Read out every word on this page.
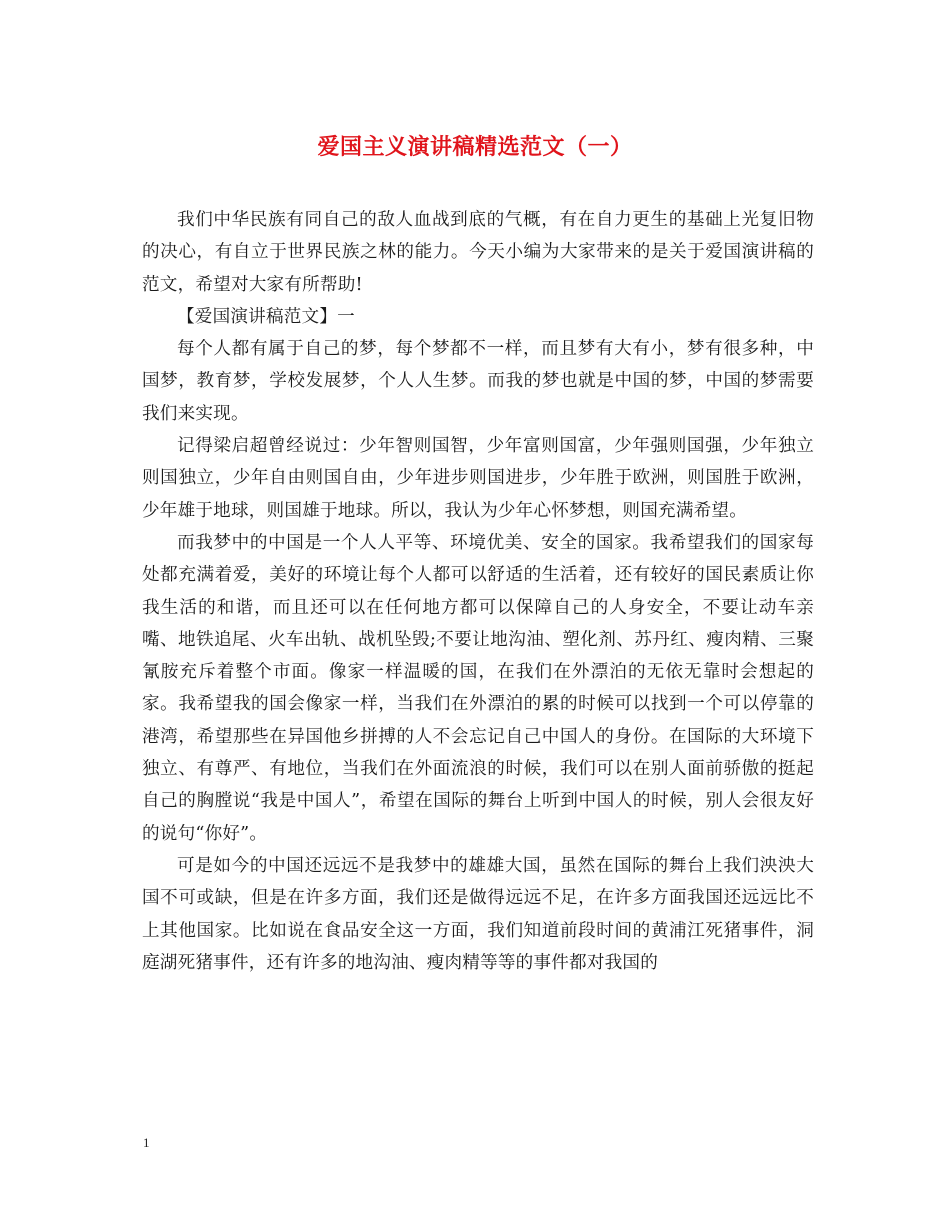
爱国主义演讲稿精选范文（一）

我们中华民族有同自己的敌人血战到底的气概，有在自力更生的基础上光复旧物的决心，有自立于世界民族之林的能力。今天小编为大家带来的是关于爱国演讲稿的范文，希望对大家有所帮助!

【爱国演讲稿范文】一

每个人都有属于自己的梦，每个梦都不一样，而且梦有大有小，梦有很多种，中国梦，教育梦，学校发展梦，个人人生梦。而我的梦也就是中国的梦，中国的梦需要我们来实现。

记得梁启超曾经说过：少年智则国智，少年富则国富，少年强则国强，少年独立则国独立，少年自由则国自由，少年进步则国进步，少年胜于欧洲，则国胜于欧洲，少年雄于地球，则国雄于地球。所以，我认为少年心怀梦想，则国充满希望。

而我梦中的中国是一个人人平等、环境优美、安全的国家。我希望我们的国家每处都充满着爱，美好的环境让每个人都可以舒适的生活着，还有较好的国民素质让你我生活的和谐，而且还可以在任何地方都可以保障自己的人身安全，不要让动车亲嘴、地铁追尾、火车出轨、战机坠毁;不要让地沟油、塑化剂、苏丹红、瘦肉精、三聚氰胺充斥着整个市面。像家一样温暖的国，在我们在外漂泊的无依无靠时会想起的家。我希望我的国会像家一样，当我们在外漂泊的累的时候可以找到一个可以停靠的港湾，希望那些在异国他乡拼搏的人不会忘记自己中国人的身份。在国际的大环境下独立、有尊严、有地位，当我们在外面流浪的时候，我们可以在别人面前骄傲的挺起自己的胸膛说“我是中国人”，希望在国际的舞台上听到中国人的时候，别人会很友好的说句“你好”。

可是如今的中国还远远不是我梦中的雄雄大国，虽然在国际的舞台上我们泱泱大国不可或缺，但是在许多方面，我们还是做得远远不足，在许多方面我国还远远比不上其他国家。比如说在食品安全这一方面，我们知道前段时间的黄浦江死猪事件，洞庭湖死猪事件，还有许多的地沟油、瘦肉精等等的事件都对我国的

1
